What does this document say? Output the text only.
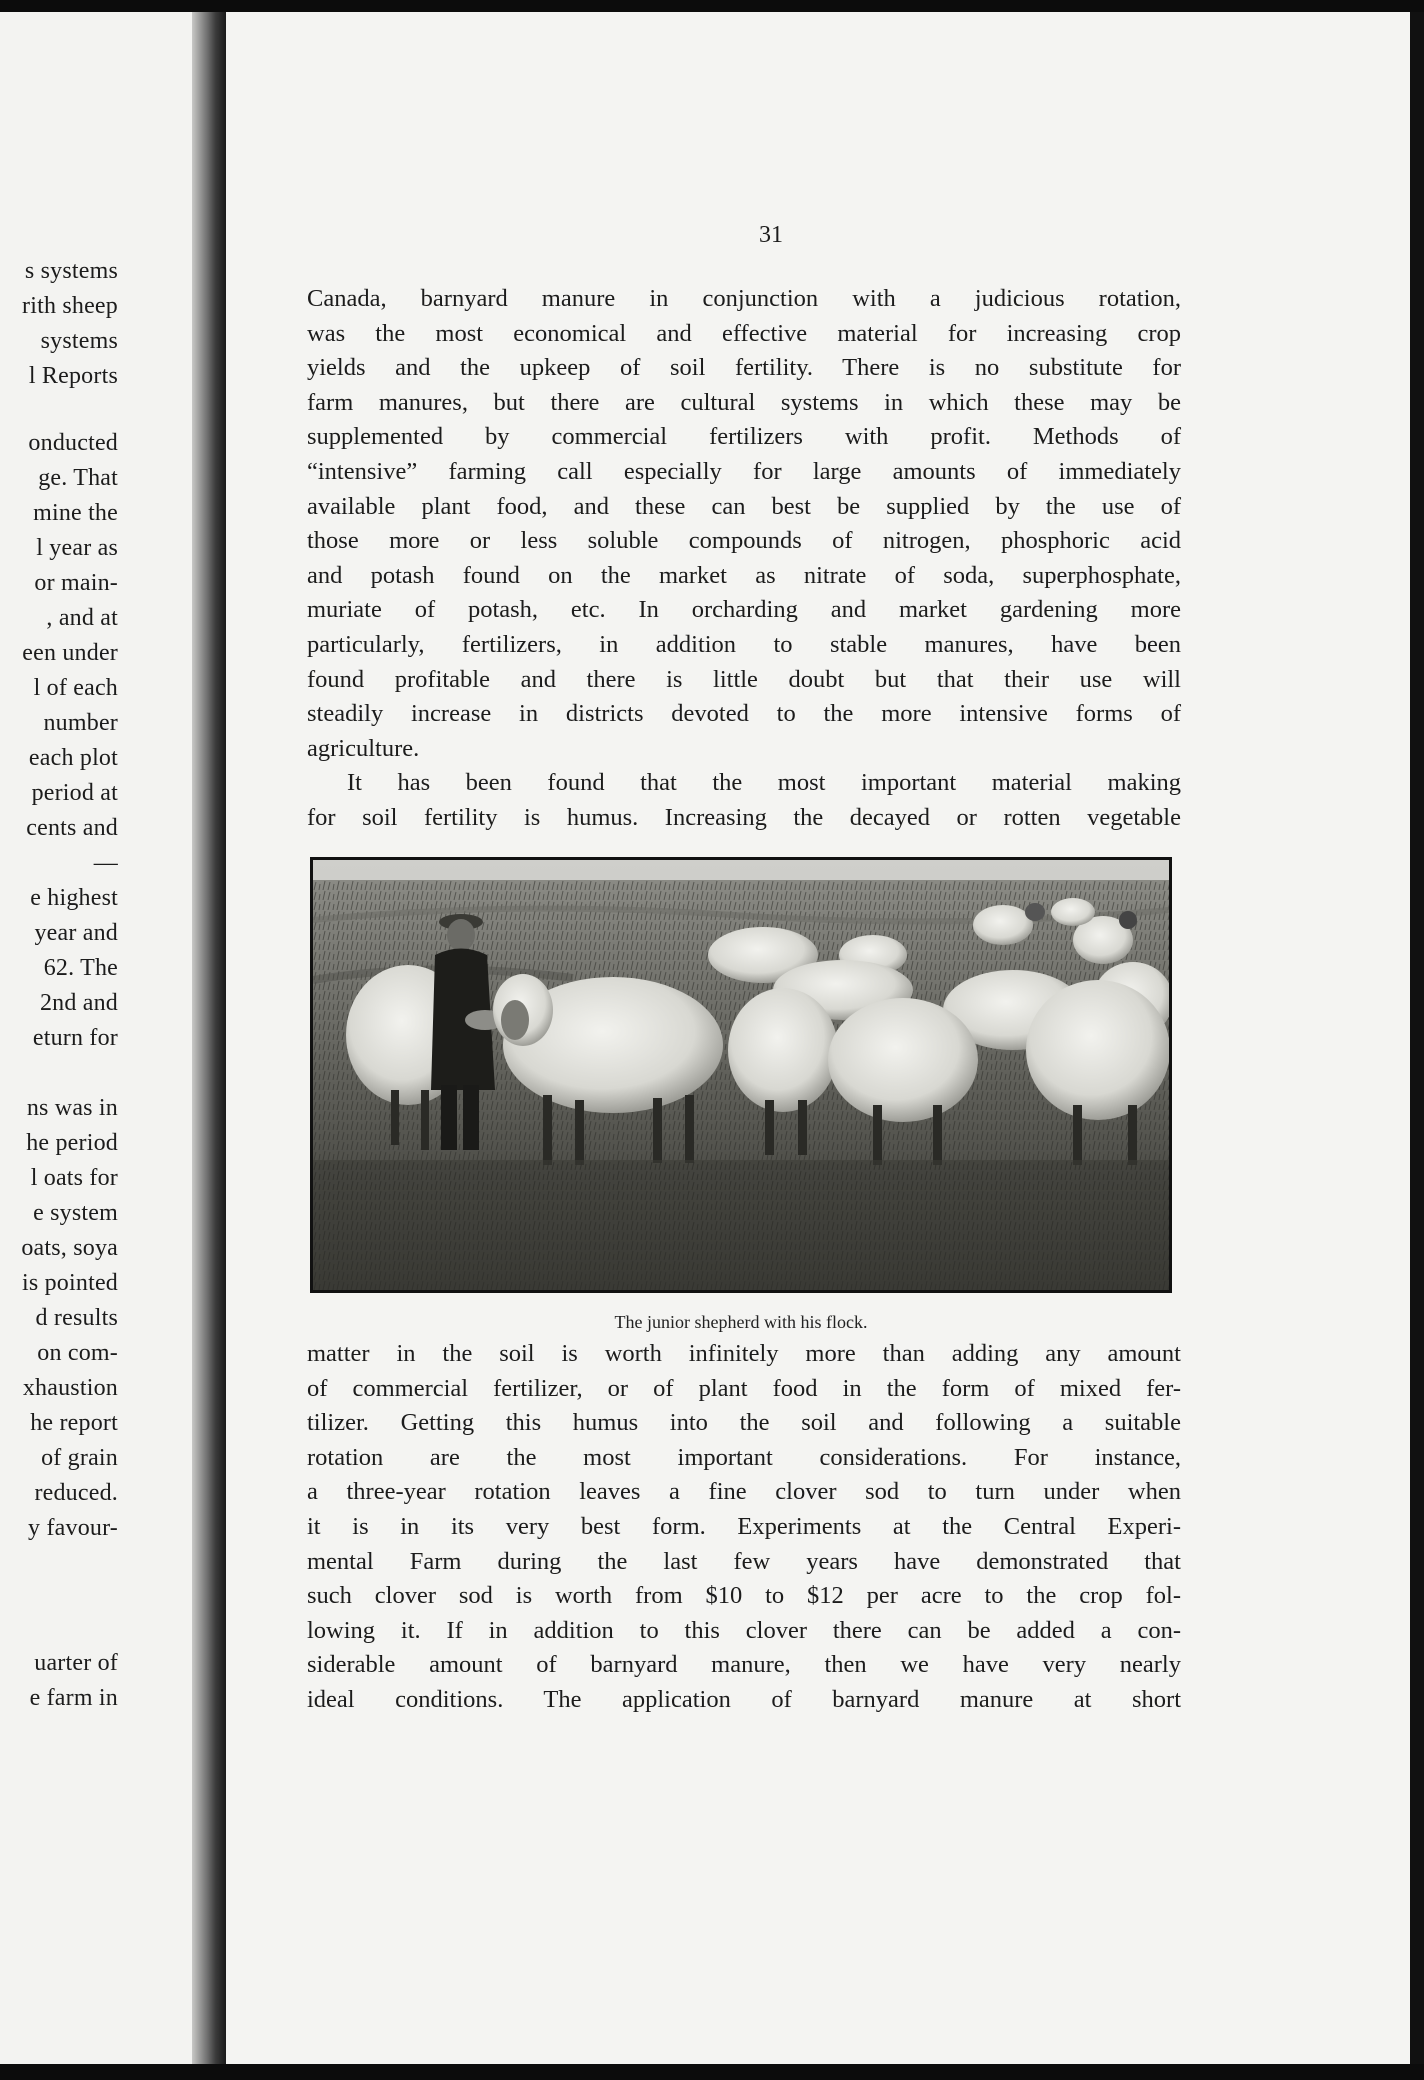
s systems
rith sheep
systems
l Reports
onducted
ge. That
mine the
l year as
or main-
, and at
een under
l of each
number
each plot
period at
cents and
—
e highest
year and
62. The
2nd and
eturn for
ns was in
he period
l oats for
e system
oats, soya
is pointed
d results
on com-
xhaustion
he report
of grain
reduced.
y favour-
uarter of
e farm in
31
Canada, barnyard manure in conjunction with a judicious rotation,
was the most economical and effective material for increasing crop
yields and the upkeep of soil fertility. There is no substitute for
farm manures, but there are cultural systems in which these may be
supplemented by commercial fertilizers with profit. Methods of
“intensive” farming call especially for large amounts of immediately
available plant food, and these can best be supplied by the use of
those more or less soluble compounds of nitrogen, phosphoric acid
and potash found on the market as nitrate of soda, superphosphate,
muriate of potash, etc. In orcharding and market gardening more
particularly, fertilizers, in addition to stable manures, have been
found profitable and there is little doubt but that their use will
steadily increase in districts devoted to the more intensive forms of
agriculture.
It has been found that the most important material making
for soil fertility is humus. Increasing the decayed or rotten vegetable
The junior shepherd with his flock.
matter in the soil is worth infinitely more than adding any amount
of commercial fertilizer, or of plant food in the form of mixed fer-
tilizer. Getting this humus into the soil and following a suitable
rotation are the most important considerations. For instance,
a three-year rotation leaves a fine clover sod to turn under when
it is in its very best form. Experiments at the Central Experi-
mental Farm during the last few years have demonstrated that
such clover sod is worth from $10 to $12 per acre to the crop fol-
lowing it. If in addition to this clover there can be added a con-
siderable amount of barnyard manure, then we have very nearly
ideal conditions. The application of barnyard manure at short
